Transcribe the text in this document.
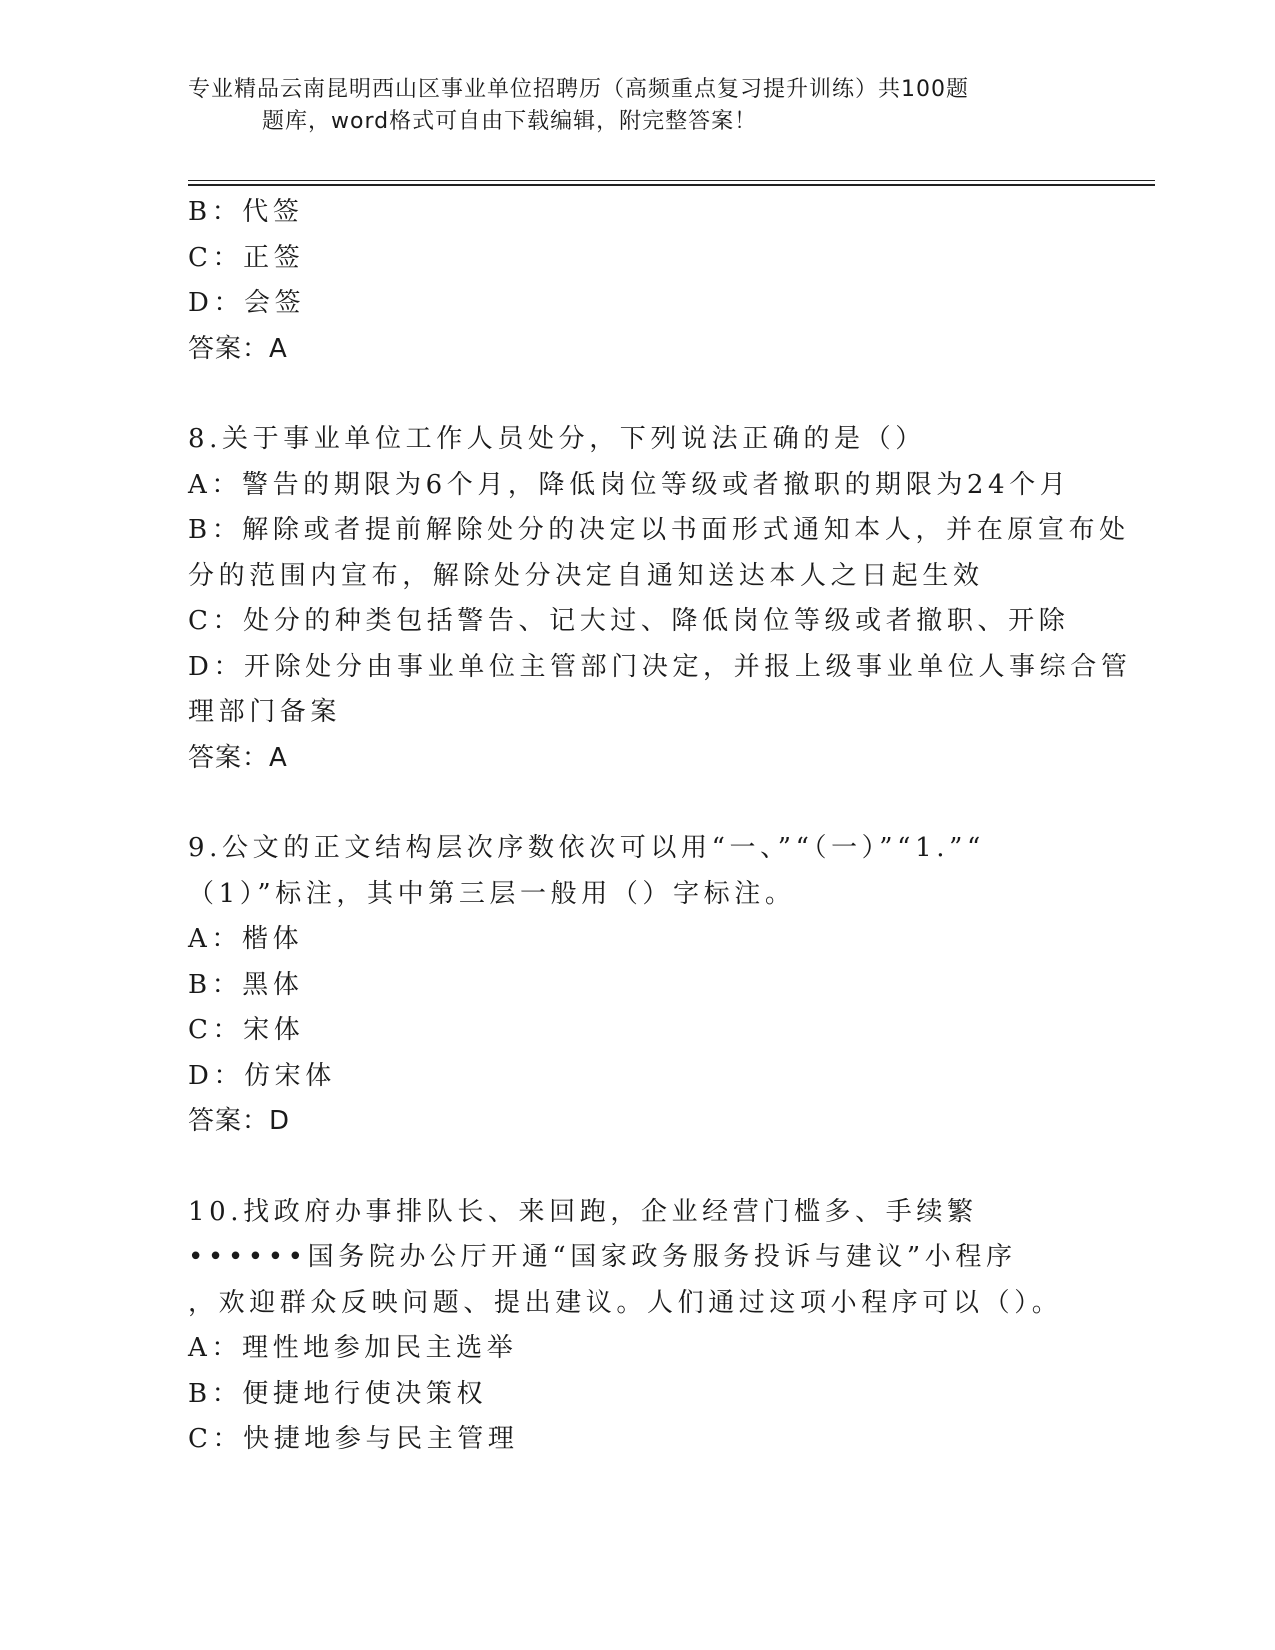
专业精品云南昆明西山区事业单位招聘历（高频重点复习提升训练）共100题
题库，word格式可自由下载编辑，附完整答案！
B：代签
C：正签
D：会签
答案：A
8.关于事业单位工作人员处分，下列说法正确的是（）
A：警告的期限为6个月，降低岗位等级或者撤职的期限为24个月
B：解除或者提前解除处分的决定以书面形式通知本人，并在原宣布处
分的范围内宣布，解除处分决定自通知送达本人之日起生效
C：处分的种类包括警告、记大过、降低岗位等级或者撤职、开除
D：开除处分由事业单位主管部门决定，并报上级事业单位人事综合管
理部门备案
答案：A
9.公文的正文结构层次序数依次可以用“一、”“（一）”“1.”“
（1）”标注，其中第三层一般用（）字标注。
A：楷体
B：黑体
C：宋体
D：仿宋体
答案：D
10.找政府办事排队长、来回跑，企业经营门槛多、手续繁
••••••国务院办公厅开通“国家政务服务投诉与建议”小程序
，欢迎群众反映问题、提出建议。人们通过这项小程序可以（）。
A：理性地参加民主选举
B：便捷地行使决策权
C：快捷地参与民主管理
